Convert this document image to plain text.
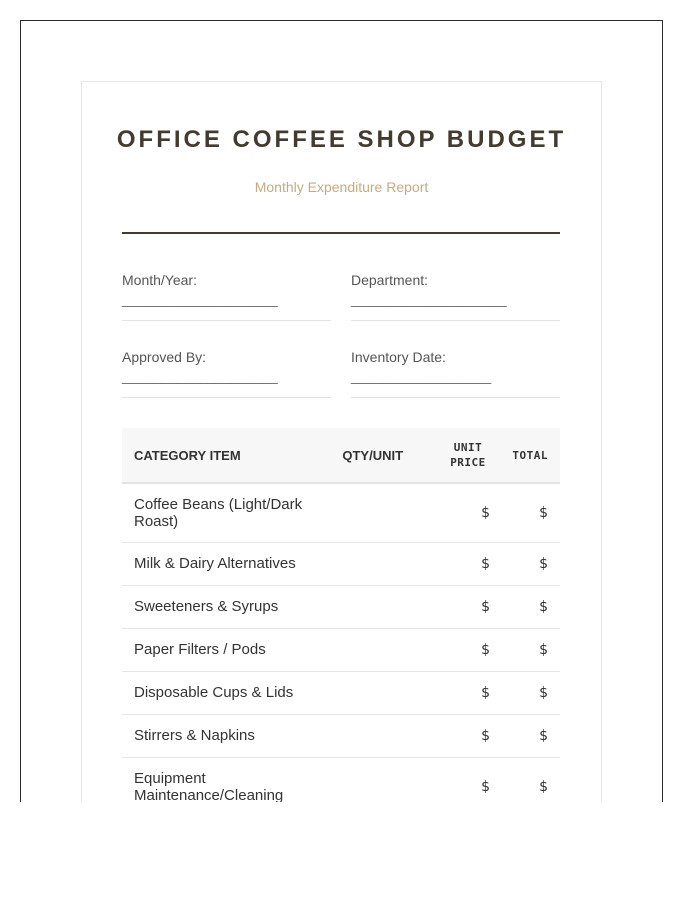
OFFICE COFFEE SHOP BUDGET
Monthly Expenditure Report
Month/Year:
____________________
Department:
____________________
Approved By:
____________________
Inventory Date:
__________________
CATEGORY ITEM	QTY/UNIT	UNIT PRICE	TOTAL
Coffee Beans (Light/Dark Roast)		$	$
Milk & Dairy Alternatives		$	$
Sweeteners & Syrups		$	$
Paper Filters / Pods		$	$
Disposable Cups & Lids		$	$
Stirrers & Napkins		$	$
Equipment Maintenance/Cleaning		$	$
